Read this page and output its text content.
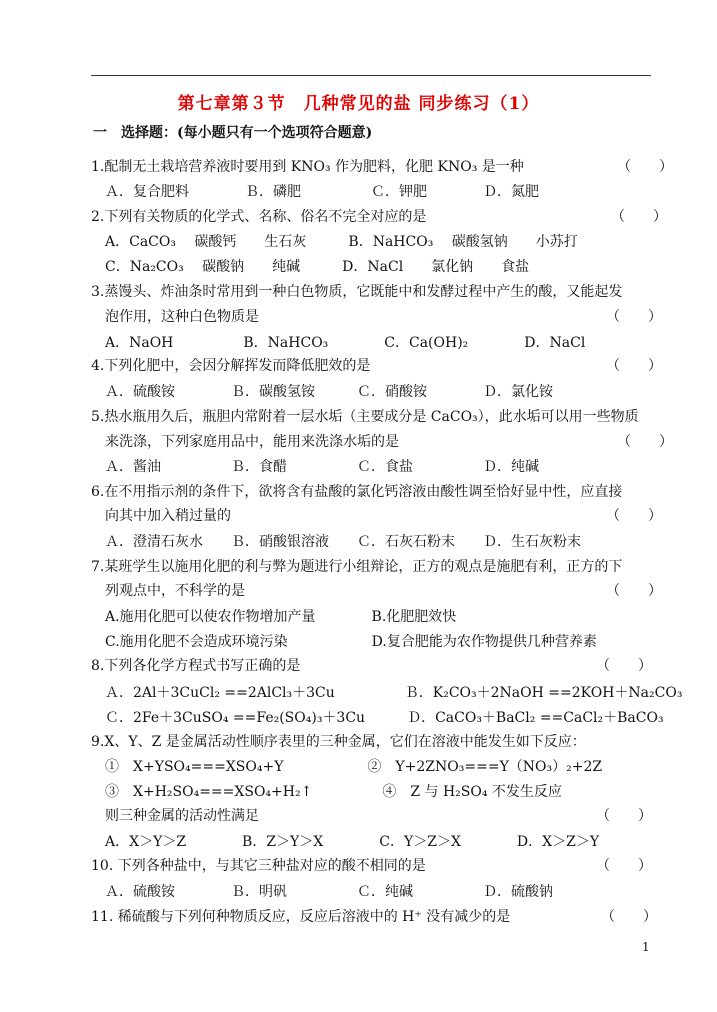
第七章第３节　几种常见的盐 同步练习（1）
一　选择题：(每小题只有一个选项符合题意)
1.配制无土栽培营养液时要用到 KNO₃ 作为肥料，化肥 KNO₃ 是一种	（　　）
Ａ．复合肥料　　　　Ｂ．磷肥　　　　　Ｃ．钾肥　　　　Ｄ．氮肥
2.下列有关物质的化学式、名称、俗名不完全对应的是	（　　）
A．CaCO₃　 碳酸钙　　生石灰　　　B．NaHCO₃　 碳酸氢钠　　小苏打
C．Na₂CO₃　 碳酸钠　　纯碱　　　D．NaCl　　氯化钠　　食盐
3.蒸馒头、炸油条时常用到一种白色物质，它既能中和发酵过程中产生的酸，又能起发
　泡作用，这种白色物质是	（　　）
A．NaOH　　　　　B．NaHCO₃　　　　C．Ca(OH)₂　　　　D．NaCl
4.下列化肥中，会因分解挥发而降低肥效的是	（　　）
Ａ．硫酸铵　　　　Ｂ．碳酸氢铵　　　Ｃ．硝酸铵　　　　Ｄ．氯化铵
5.热水瓶用久后，瓶胆内常附着一层水垢（主要成分是 CaCO₃），此水垢可以用一些物质
　来洗涤，下列家庭用品中，能用来洗涤水垢的是	（　　）
Ａ．酱油　　　　　Ｂ．食醋　　　　　Ｃ．食盐　　　　　Ｄ．纯碱
6.在不用指示剂的条件下，欲将含有盐酸的氯化钙溶液由酸性调至恰好显中性，应直接
　向其中加入稍过量的	（　　）
Ａ．澄清石灰水　　Ｂ．硝酸银溶液　　Ｃ．石灰石粉末　　Ｄ．生石灰粉末
7.某班学生以施用化肥的利与弊为题进行小组辩论，正方的观点是施肥有利，正方的下
　列观点中，不科学的是	（　　）
A.施用化肥可以使农作物增加产量　　　　B.化肥肥效快
C.施用化肥不会造成环境污染　　　　　　D.复合肥能为农作物提供几种营养素
8.下列各化学方程式书写正确的是	（　　）
Ａ．2Al＋3CuCl₂ ==2AlCl₃＋3Cu　　　　　Ｂ．K₂CO₃＋2NaOH ==2KOH＋Na₂CO₃
Ｃ．2Fe＋3CuSO₄ ==Fe₂(SO₄)₃＋3Cu　　　Ｄ．CaCO₃＋BaCl₂ ==CaCl₂＋BaCO₃
9.X、Y、Z 是金属活动性顺序表里的三种金属，它们在溶液中能发生如下反应：
　①　X+YSO₄===XSO₄+Y　　　　　　②　Y+2ZNO₃===Y（NO₃）₂+2Z
　③　X+H₂SO₄===XSO₄+H₂↑　　　　　④　Z 与 H₂SO₄ 不发生反应
　则三种金属的活动性满足	（　　）
A．X＞Y＞Z　　　　B．Z＞Y＞X　　　　C．Y＞Z＞X　　　　D．X＞Z＞Y
10. 下列各种盐中，与其它三种盐对应的酸不相同的是	（　　）
Ａ．硫酸铵　　　　Ｂ．明矾　　　　　Ｃ．纯碱　　　　　Ｄ．硫酸钠
11. 稀硫酸与下列何种物质反应，反应后溶液中的 H⁺ 没有减少的是	（　　）
1
